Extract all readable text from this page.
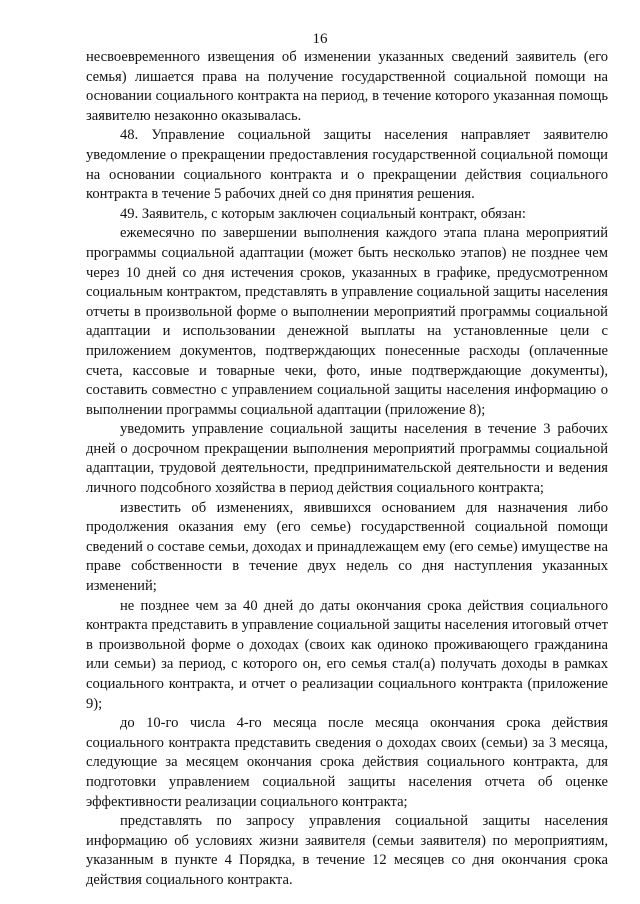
16

несвоевременного извещения об изменении указанных сведений заявитель (его семья) лишается права на получение государственной социальной помощи на основании социального контракта на период, в течение которого указанная помощь заявителю незаконно оказывалась.

48. Управление социальной защиты населения направляет заявителю уведомление о прекращении предоставления государственной социальной помощи на основании социального контракта и о прекращении действия социального контракта в течение 5 рабочих дней со дня принятия решения.

49. Заявитель, с которым заключен социальный контракт, обязан:

ежемесячно по завершении выполнения каждого этапа плана мероприятий программы социальной адаптации (может быть несколько этапов) не позднее чем через 10 дней со дня истечения сроков, указанных в графике, предусмотренном социальным контрактом, представлять в управление социальной защиты населения отчеты в произвольной форме о выполнении мероприятий программы социальной адаптации и использовании денежной выплаты на установленные цели с приложением документов, подтверждающих понесенные расходы (оплаченные счета, кассовые и товарные чеки, фото, иные подтверждающие документы), составить совместно с управлением социальной защиты населения информацию о выполнении программы социальной адаптации (приложение 8);

уведомить управление социальной защиты населения в течение 3 рабочих дней о досрочном прекращении выполнения мероприятий программы социальной адаптации, трудовой деятельности, предпринимательской деятельности и ведения личного подсобного хозяйства в период действия социального контракта;

известить об изменениях, явившихся основанием для назначения либо продолжения оказания ему (его семье) государственной социальной помощи сведений о составе семьи, доходах и принадлежащем ему (его семье) имуществе на праве собственности в течение двух недель со дня наступления указанных изменений;

не позднее чем за 40 дней до даты окончания срока действия социального контракта представить в управление социальной защиты населения итоговый отчет в произвольной форме о доходах (своих как одиноко проживающего гражданина или семьи) за период, с которого он, его семья стал(а) получать доходы в рамках социального контракта, и отчет о реализации социального контракта (приложение 9);

до 10-го числа 4-го месяца после месяца окончания срока действия социального контракта представить сведения о доходах своих (семьи) за 3 месяца, следующие за месяцем окончания срока действия социального контракта, для подготовки управлением социальной защиты населения отчета об оценке эффективности реализации социального контракта;

представлять по запросу управления социальной защиты населения информацию об условиях жизни заявителя (семьи заявителя) по мероприятиям, указанным в пункте 4 Порядка, в течение 12 месяцев со дня окончания срока действия социального контракта.
